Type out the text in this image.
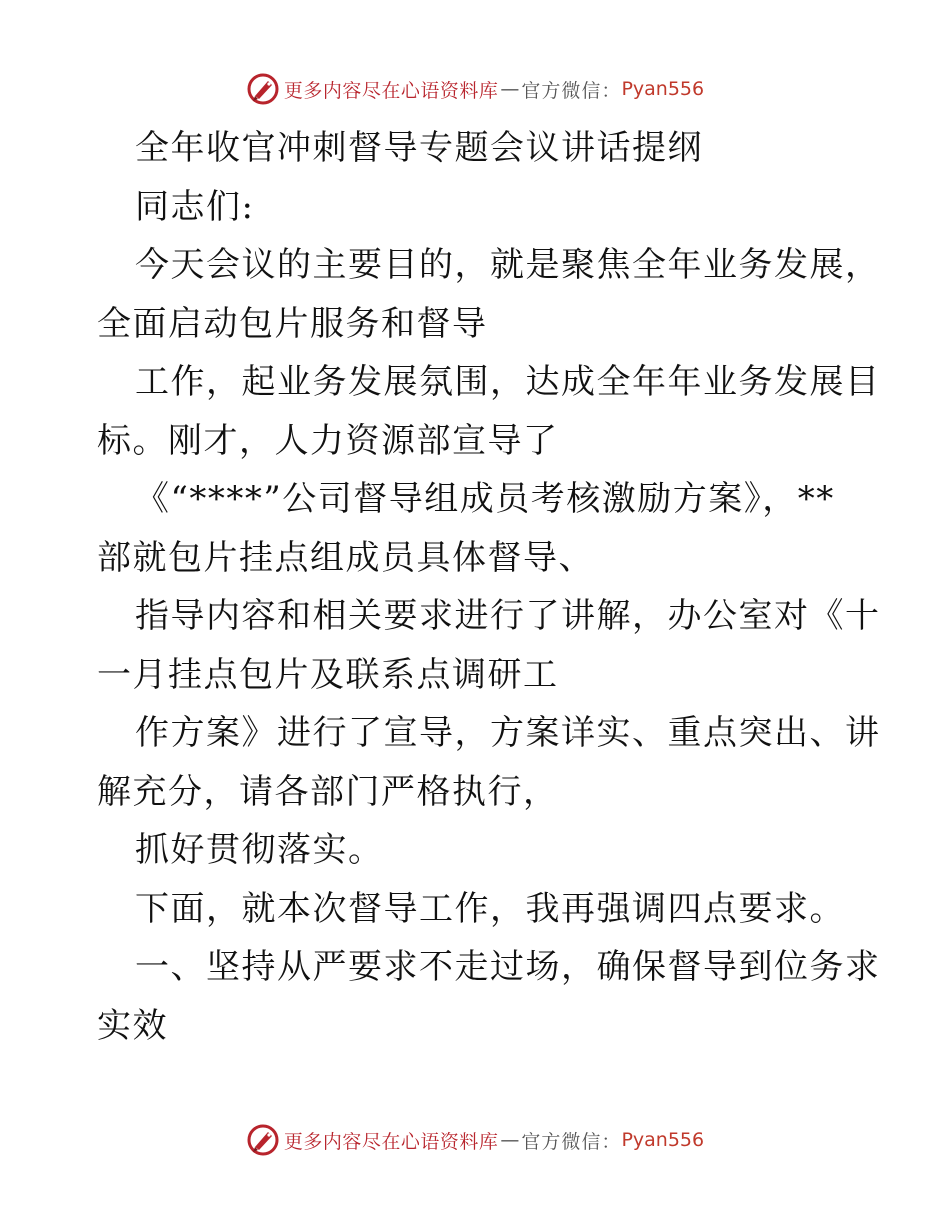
更多内容尽在心语资料库 — 官方微信： Pyan556
全年收官冲刺督导专题会议讲话提纲
同志们:
今天会议的主要目的，就是聚焦全年业务发展，
全面启动包片服务和督导
工作，起业务发展氛围，达成全年年业务发展目
标。刚才，人力资源部宣导了
《“****”公司督导组成员考核激励方案》，**
部就包片挂点组成员具体督导、
指导内容和相关要求进行了讲解，办公室对《十
一月挂点包片及联系点调研工
作方案》进行了宣导，方案详实、重点突出、讲
解充分，请各部门严格执行，
抓好贯彻落实。
下面，就本次督导工作，我再强调四点要求。
一、坚持从严要求不走过场，确保督导到位务求
实效
更多内容尽在心语资料库 — 官方微信： Pyan556
